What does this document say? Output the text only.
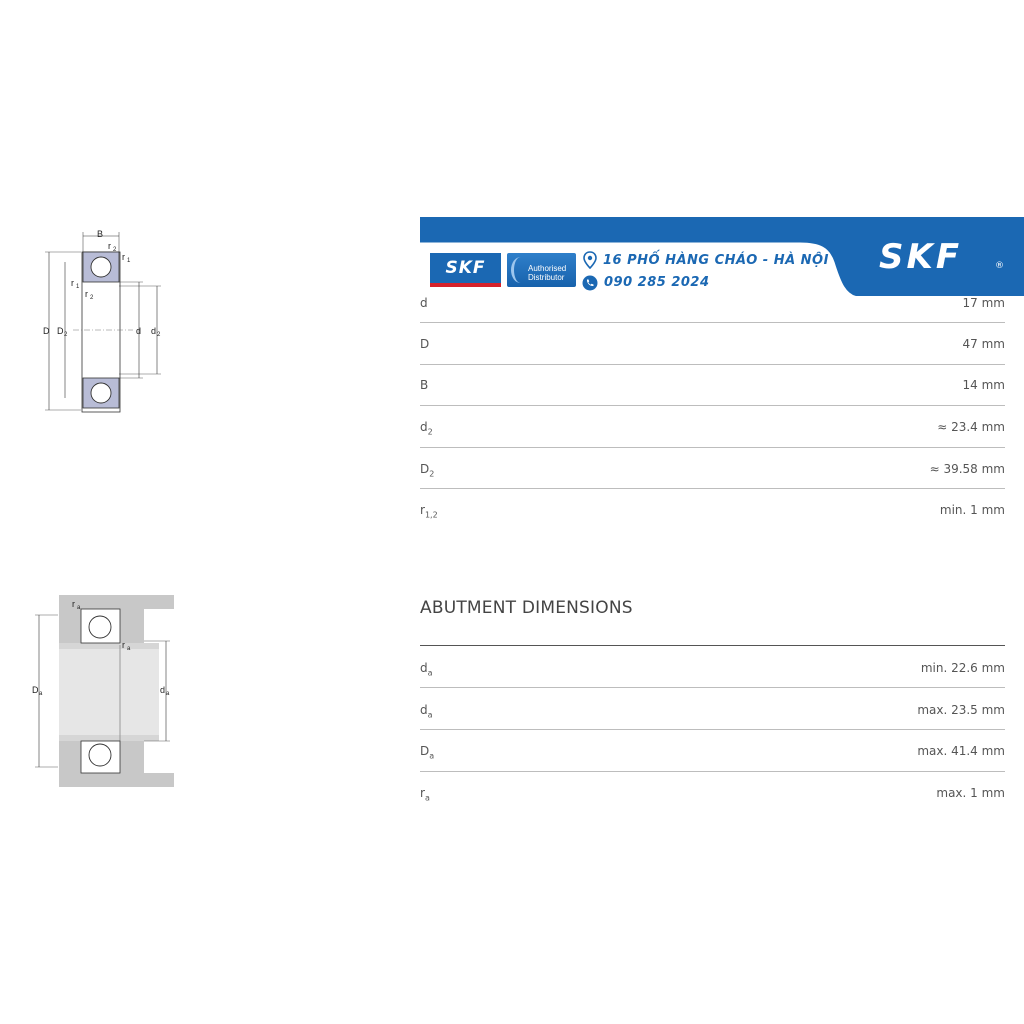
B
r 2
r 1
r 1
r 2
D D 2	d d 2
r a
r a
D a	d a
SKF	Authorised
Distributor
16 PHỐ HÀNG CHÁO - HÀ NỘI
090 285 2024
SKF	®
d	17 mm
D	47 mm
B	14 mm
$d_2$	≈ 23.4 mm
$D_2$	≈ 39.58 mm
$r_{1,2}$	min. 1 mm
ABUTMENT DIMENSIONS
$d_a$	min. 22.6 mm
$d_a$	max. 23.5 mm
$D_a$	max. 41.4 mm
$r_a$	max. 1 mm
